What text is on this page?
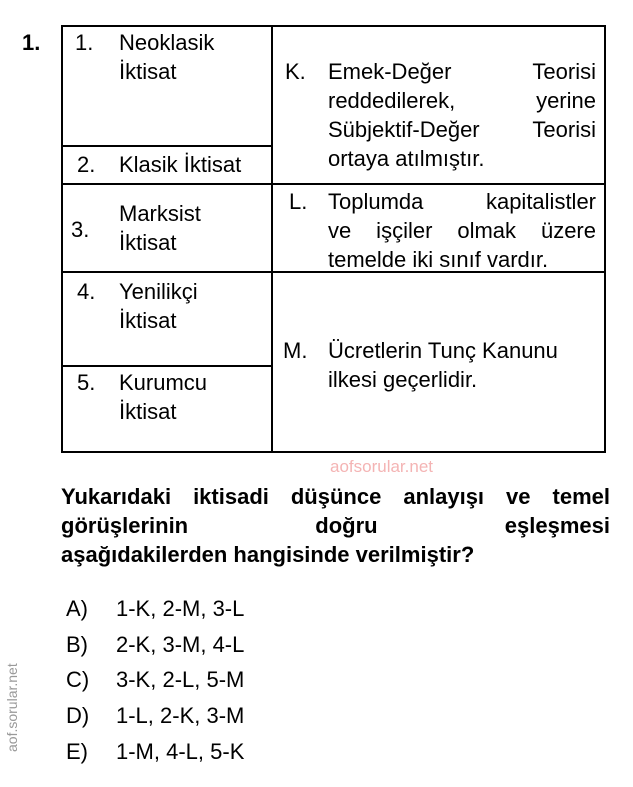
1. 1. Neoklasik
İktisat
2. Klasik İktisat
3.
Marksist
İktisat
4. Yenilikçi
İktisat
5. Kurumcu
İktisat
K. Emek-Değer Teorisi
reddedilerek, yerine
Sübjektif-Değer Teorisi
ortaya atılmıştır.
L. Toplumda kapitalistler
ve işçiler olmak üzere
temelde iki sınıf vardır.
M. Ücretlerin Tunç Kanunu
ilkesi geçerlidir.
aofsorular.net
Yukarıdaki iktisadi düşünce anlayışı ve temel
görüşlerinin doğru eşleşmesi
aşağıdakilerden hangisinde verilmiştir?
A) 1-K, 2-M, 3-L
B) 2-K, 3-M, 4-L
C) 3-K, 2-L, 5-M
D) 1-L, 2-K, 3-M
E) 1-M, 4-L, 5-K
aof.sorular.net
